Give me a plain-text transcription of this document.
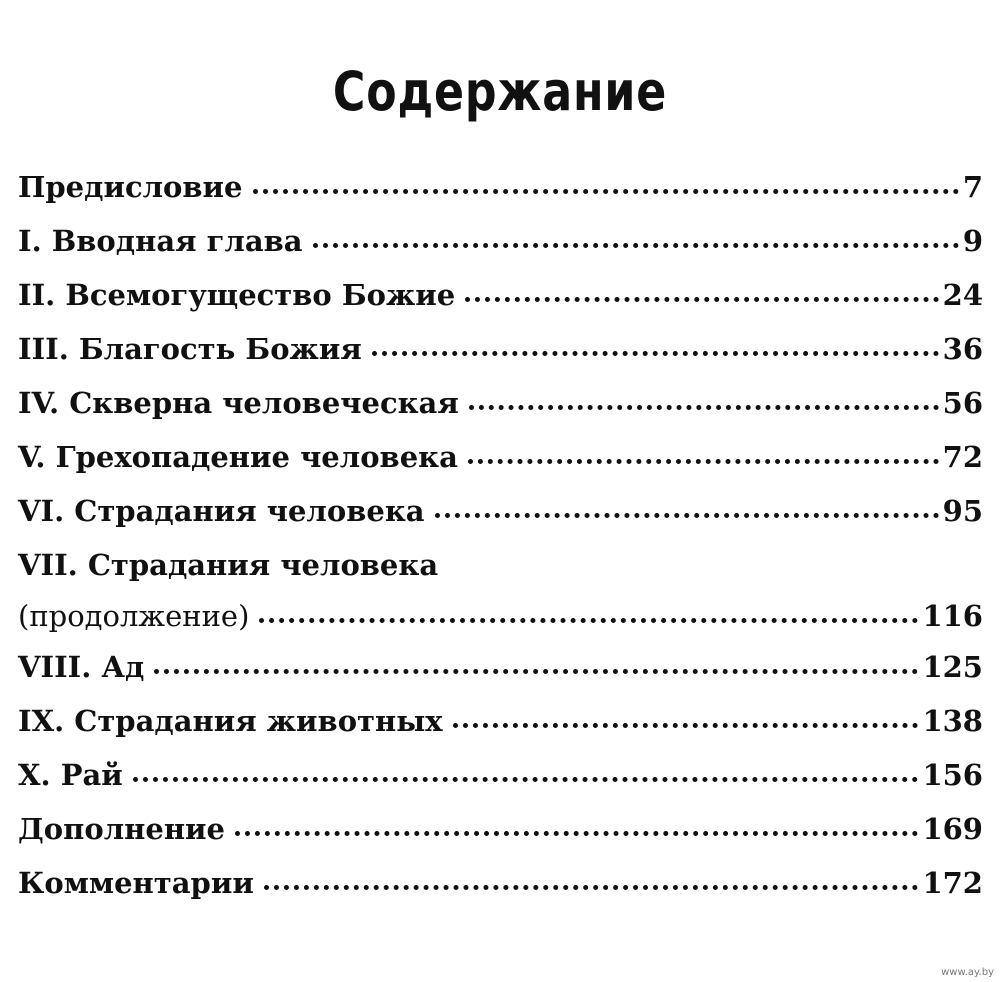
Содержание
Предисловие	7
I. Вводная глава	9
II. Всемогущество Божие	24
III. Благость Божия	36
IV. Скверна человеческая	56
V. Грехопадение человека	72
VI. Страдания человека	95
VII. Страдания человека
(продолжение)	116
VIII. Ад	125
IX. Страдания животных	138
X. Рай	156
Дополнение	169
Комментарии	172
www.ay.by
